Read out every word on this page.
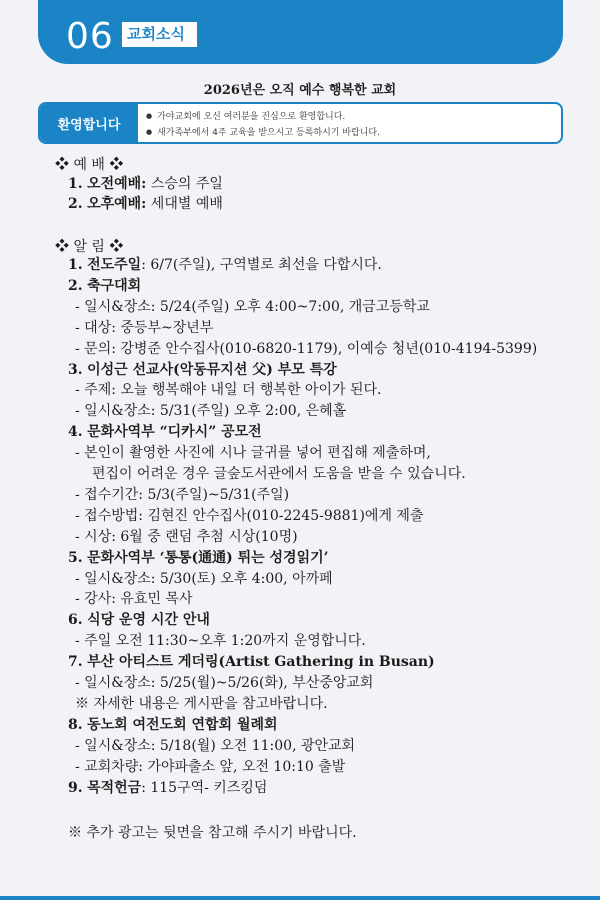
06 교회소식
2026년은 오직 예수 행복한 교회
환영합니다
● 가야교회에 오신 여러분을 진심으로 환영합니다.
● 새가족부에서 4주 교육을 받으시고 등록하시기 바랍니다.
❖ 예 배 ❖
1. 오전예배: 스승의 주일
2. 오후예배: 세대별 예배
❖ 알 림 ❖
1. 전도주일: 6/7(주일), 구역별로 최선을 다합시다.
2. 축구대회
- 일시&장소: 5/24(주일) 오후 4:00~7:00, 개금고등학교
- 대상: 중등부~장년부
- 문의: 강병준 안수집사(010-6820-1179), 이예승 청년(010-4194-5399)
3. 이성근 선교사(악동뮤지션 父) 부모 특강
- 주제: 오늘 행복해야 내일 더 행복한 아이가 된다.
- 일시&장소: 5/31(주일) 오후 2:00, 은혜홀
4. 문화사역부 “디카시” 공모전
- 본인이 촬영한 사진에 시나 글귀를 넣어 편집해 제출하며,
편집이 어려운 경우 글숲도서관에서 도움을 받을 수 있습니다.
- 접수기간: 5/3(주일)~5/31(주일)
- 접수방법: 김현진 안수집사(010-2245-9881)에게 제출
- 시상: 6월 중 랜덤 추첨 시상(10명)
5. 문화사역부 ‘통통(通通) 튀는 성경읽기’
- 일시&장소: 5/30(토) 오후 4:00, 아까페
- 강사: 유효민 목사
6. 식당 운영 시간 안내
- 주일 오전 11:30~오후 1:20까지 운영합니다.
7. 부산 아티스트 게더링(Artist Gathering in Busan)
- 일시&장소: 5/25(월)~5/26(화), 부산중앙교회
※ 자세한 내용은 게시판을 참고바랍니다.
8. 동노회 여전도회 연합회 월례회
- 일시&장소: 5/18(월) 오전 11:00, 광안교회
- 교회차량: 가야파출소 앞, 오전 10:10 출발
9. 목적헌금: 115구역- 키즈킹덤
※ 추가 광고는 뒷면을 참고해 주시기 바랍니다.
